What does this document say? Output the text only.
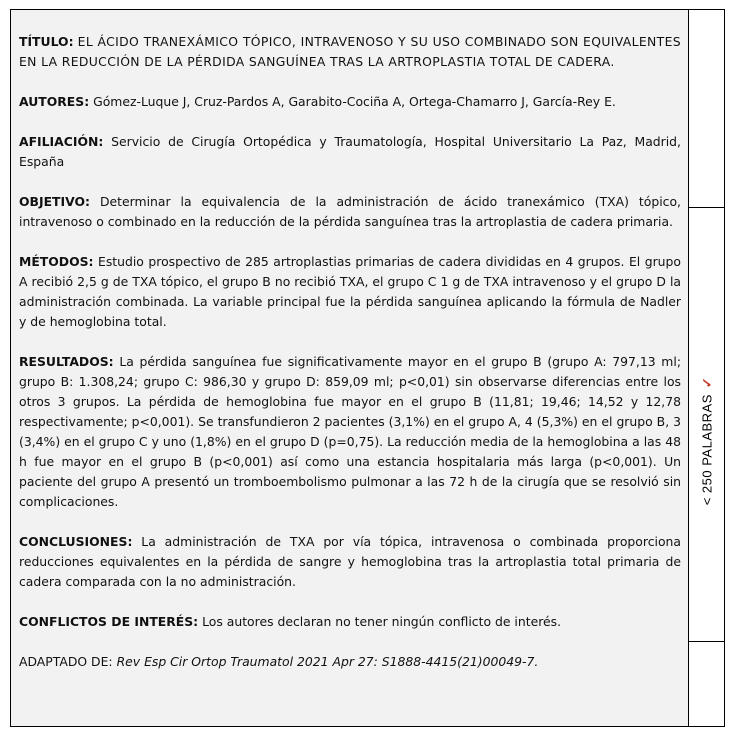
TÍTULO: EL ÁCIDO TRANEXÁMICO TÓPICO, INTRAVENOSO Y SU USO COMBINADO SON EQUIVALENTES EN LA REDUCCIÓN DE LA PÉRDIDA SANGUÍNEA TRAS LA ARTROPLASTIA TOTAL DE CADERA.

AUTORES: Gómez-Luque J, Cruz-Pardos A, Garabito-Cociña A, Ortega-Chamarro J, García-Rey E.

AFILIACIÓN: Servicio de Cirugía Ortopédica y Traumatología, Hospital Universitario La Paz, Madrid, España

OBJETIVO: Determinar la equivalencia de la administración de ácido tranexámico (TXA) tópico, intravenoso o combinado en la reducción de la pérdida sanguínea tras la artroplastia de cadera primaria.

MÉTODOS: Estudio prospectivo de 285 artroplastias primarias de cadera divididas en 4 grupos. El grupo A recibió 2,5 g de TXA tópico, el grupo B no recibió TXA, el grupo C 1 g de TXA intravenoso y el grupo D la administración combinada. La variable principal fue la pérdida sanguínea aplicando la fórmula de Nadler y de hemoglobina total.

RESULTADOS: La pérdida sanguínea fue significativamente mayor en el grupo B (grupo A: 797,13 ml; grupo B: 1.308,24; grupo C: 986,30 y grupo D: 859,09 ml; p<0,01) sin observarse diferencias entre los otros 3 grupos. La pérdida de hemoglobina fue mayor en el grupo B (11,81; 19,46; 14,52 y 12,78 respectivamente; p<0,001). Se transfundieron 2 pacientes (3,1%) en el grupo A, 4 (5,3%) en el grupo B, 3 (3,4%) en el grupo C y uno (1,8%) en el grupo D (p=0,75). La reducción media de la hemoglobina a las 48 h fue mayor en el grupo B (p<0,001) así como una estancia hospitalaria más larga (p<0,001). Un paciente del grupo A presentó un tromboembolismo pulmonar a las 72 h de la cirugía que se resolvió sin complicaciones.

CONCLUSIONES: La administración de TXA por vía tópica, intravenosa o combinada proporciona reducciones equivalentes en la pérdida de sangre y hemoglobina tras la artroplastia total primaria de cadera comparada con la no administración.

CONFLICTOS DE INTERÉS: Los autores declaran no tener ningún conflicto de interés.

ADAPTADO DE: Rev Esp Cir Ortop Traumatol 2021 Apr 27: S1888-4415(21)00049-7.

< 250 PALABRAS✓
